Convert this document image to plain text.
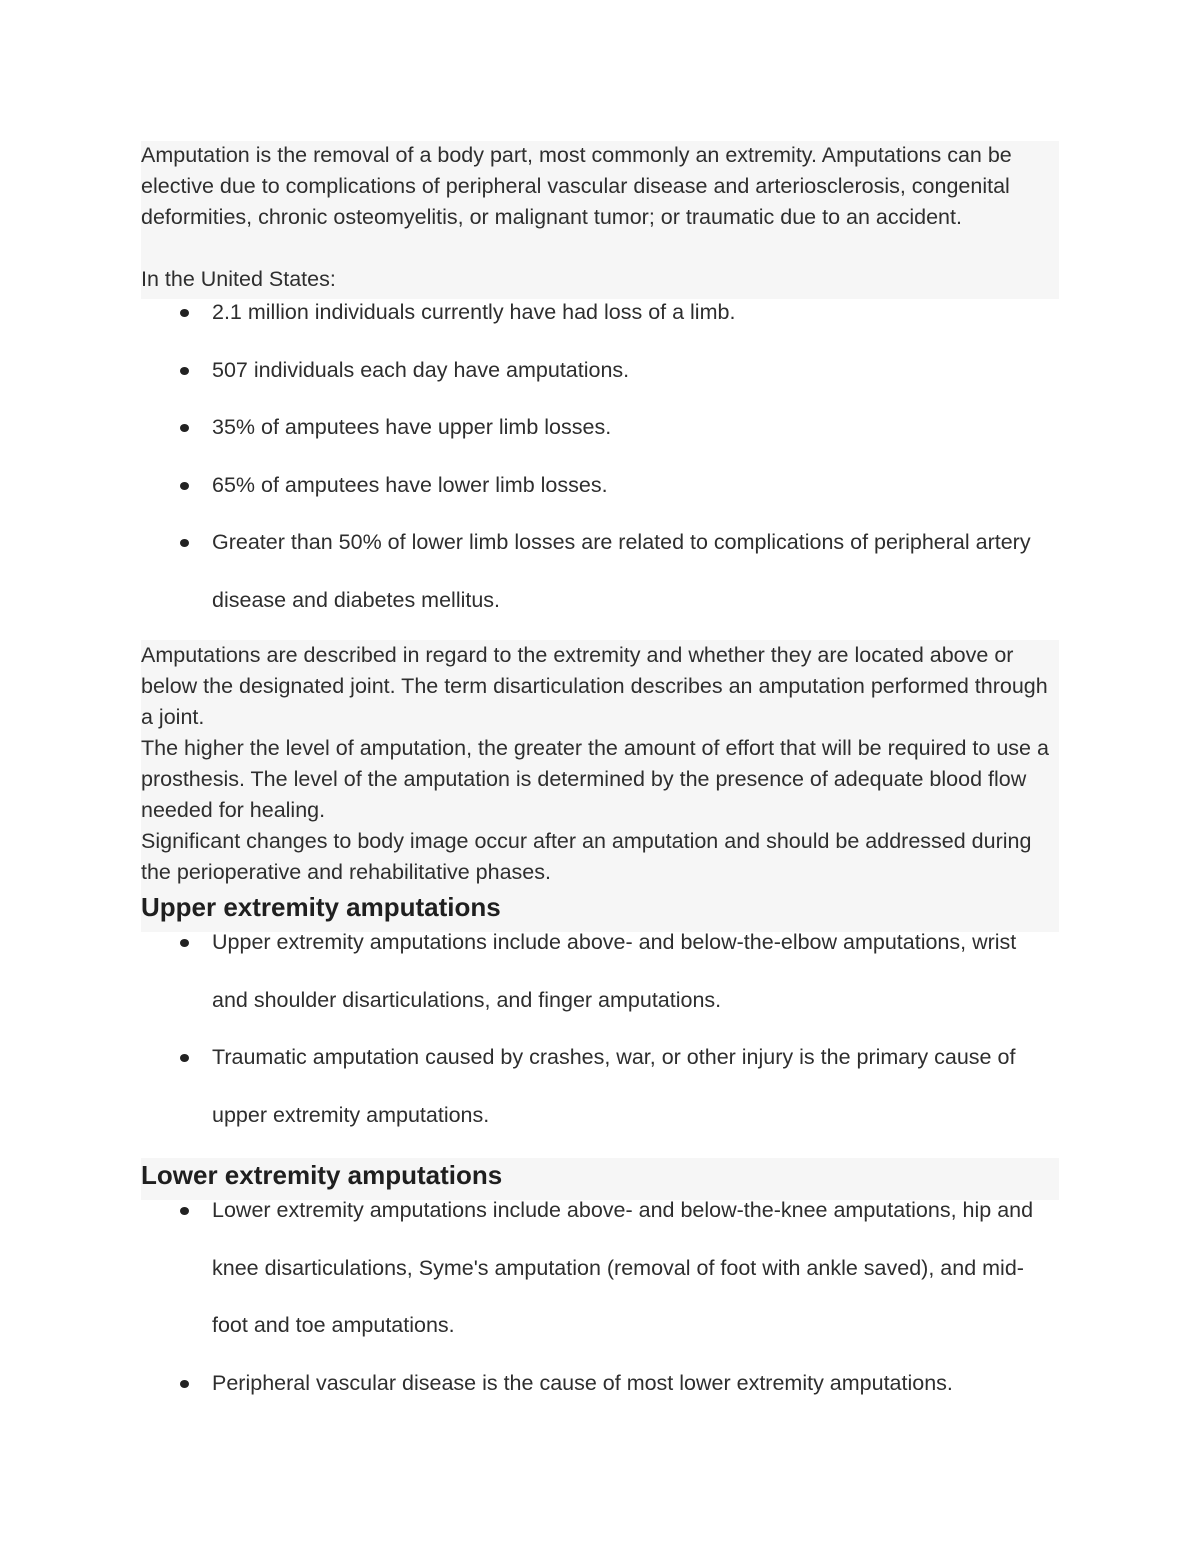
Amputation is the removal of a body part, most commonly an extremity. Amputations can be elective due to complications of peripheral vascular disease and arteriosclerosis, congenital deformities, chronic osteomyelitis, or malignant tumor; or traumatic due to an accident.

In the United States:

2.1 million individuals currently have had loss of a limb.
507 individuals each day have amputations.
35% of amputees have upper limb losses.
65% of amputees have lower limb losses.
Greater than 50% of lower limb losses are related to complications of peripheral artery disease and diabetes mellitus.

Amputations are described in regard to the extremity and whether they are located above or below the designated joint. The term disarticulation describes an amputation performed through a joint.

The higher the level of amputation, the greater the amount of effort that will be required to use a prosthesis. The level of the amputation is determined by the presence of adequate blood flow needed for healing.

Significant changes to body image occur after an amputation and should be addressed during the perioperative and rehabilitative phases.

Upper extremity amputations
Upper extremity amputations include above- and below-the-elbow amputations, wrist and shoulder disarticulations, and finger amputations.
Traumatic amputation caused by crashes, war, or other injury is the primary cause of upper extremity amputations.
Lower extremity amputations
Lower extremity amputations include above- and below-the-knee amputations, hip and knee disarticulations, Syme's amputation (removal of foot with ankle saved), and mid-foot and toe amputations.
Peripheral vascular disease is the cause of most lower extremity amputations.
